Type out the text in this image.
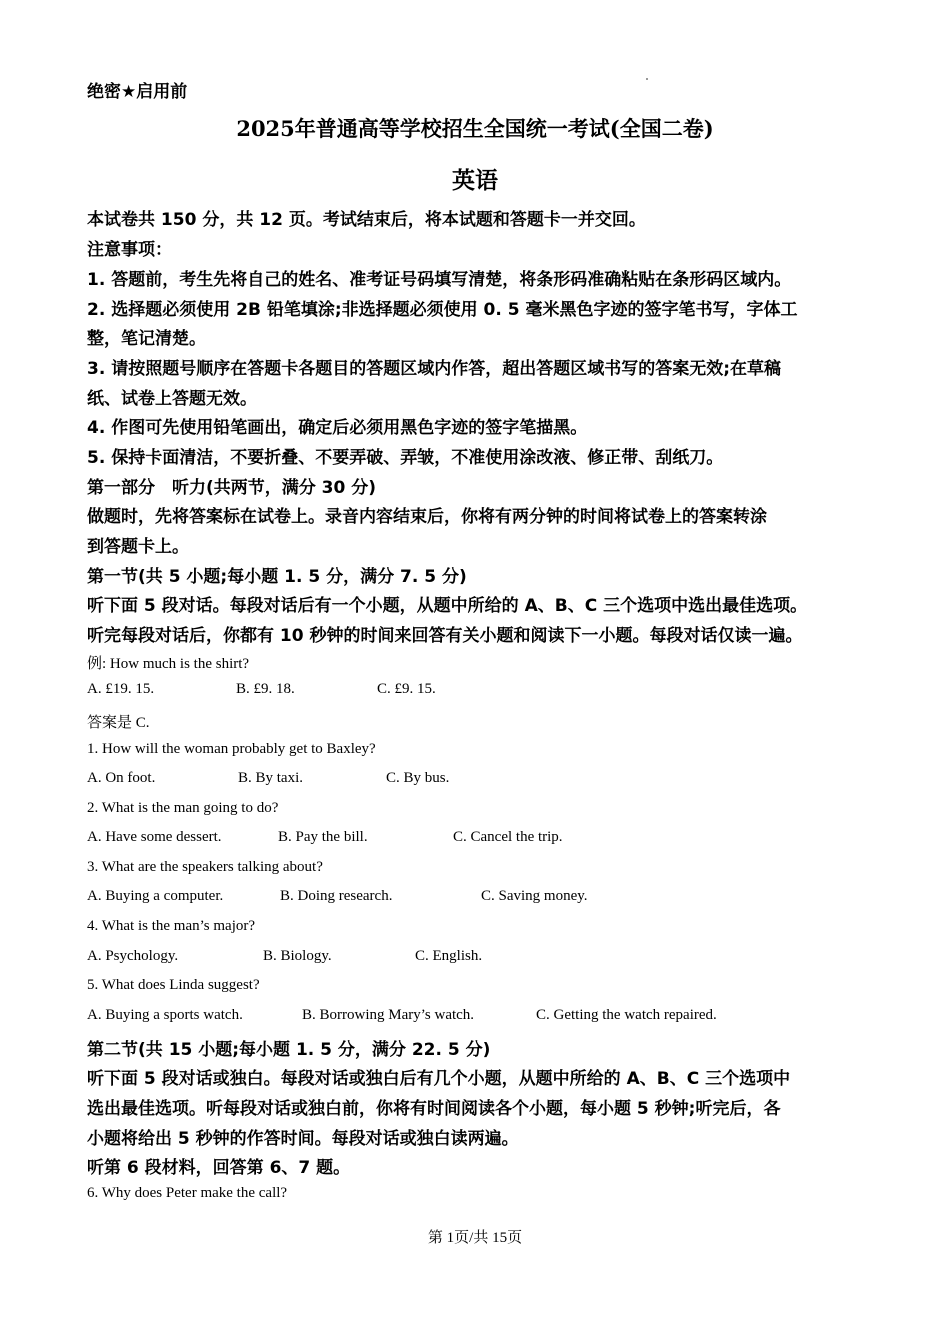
绝密★启用前
2025年普通高等学校招生全国统一考试(全国二卷)
英语
本试卷共 150 分，共 12 页。考试结束后，将本试题和答题卡一并交回。
注意事项：
1. 答题前，考生先将自己的姓名、准考证号码填写清楚，将条形码准确粘贴在条形码区域内。
2. 选择题必须使用 2B 铅笔填涂;非选择题必须使用 0. 5 毫米黑色字迹的签字笔书写，字体工
整，笔记清楚。
3. 请按照题号顺序在答题卡各题目的答题区域内作答，超出答题区域书写的答案无效;在草稿
纸、试卷上答题无效。
4. 作图可先使用铅笔画出，确定后必须用黑色字迹的签字笔描黑。
5. 保持卡面清洁，不要折叠、不要弄破、弄皱，不准使用涂改液、修正带、刮纸刀。
第一部分　听力(共两节，满分 30 分)
做题时，先将答案标在试卷上。录音内容结束后，你将有两分钟的时间将试卷上的答案转涂
到答题卡上。
第一节(共 5 小题;每小题 1. 5 分，满分 7. 5 分)
听下面 5 段对话。每段对话后有一个小题，从题中所给的 A、B、C 三个选项中选出最佳选项。
听完每段对话后，你都有 10 秒钟的时间来回答有关小题和阅读下一小题。每段对话仅读一遍。
例: How much is the shirt?
A. £19. 15.	B. £9. 18.	C. £9. 15.
答案是 C.
1. How will the woman probably get to Baxley?
A. On foot.	B. By taxi.	C. By bus.
2. What is the man going to do?
A. Have some dessert.	B. Pay the bill.	C. Cancel the trip.
3. What are the speakers talking about?
A. Buying a computer.	B. Doing research.	C. Saving money.
4. What is the man’s major?
A. Psychology.	B. Biology.	C. English.
5. What does Linda suggest?
A. Buying a sports watch.	B. Borrowing Mary’s watch.	C. Getting the watch repaired.
第二节(共 15 小题;每小题 1. 5 分，满分 22. 5 分)
听下面 5 段对话或独白。每段对话或独白后有几个小题，从题中所给的 A、B、C 三个选项中
选出最佳选项。听每段对话或独白前，你将有时间阅读各个小题，每小题 5 秒钟;听完后，各
小题将给出 5 秒钟的作答时间。每段对话或独白读两遍。
听第 6 段材料，回答第 6、7 题。
6. Why does Peter make the call?
第 1页/共 15页
